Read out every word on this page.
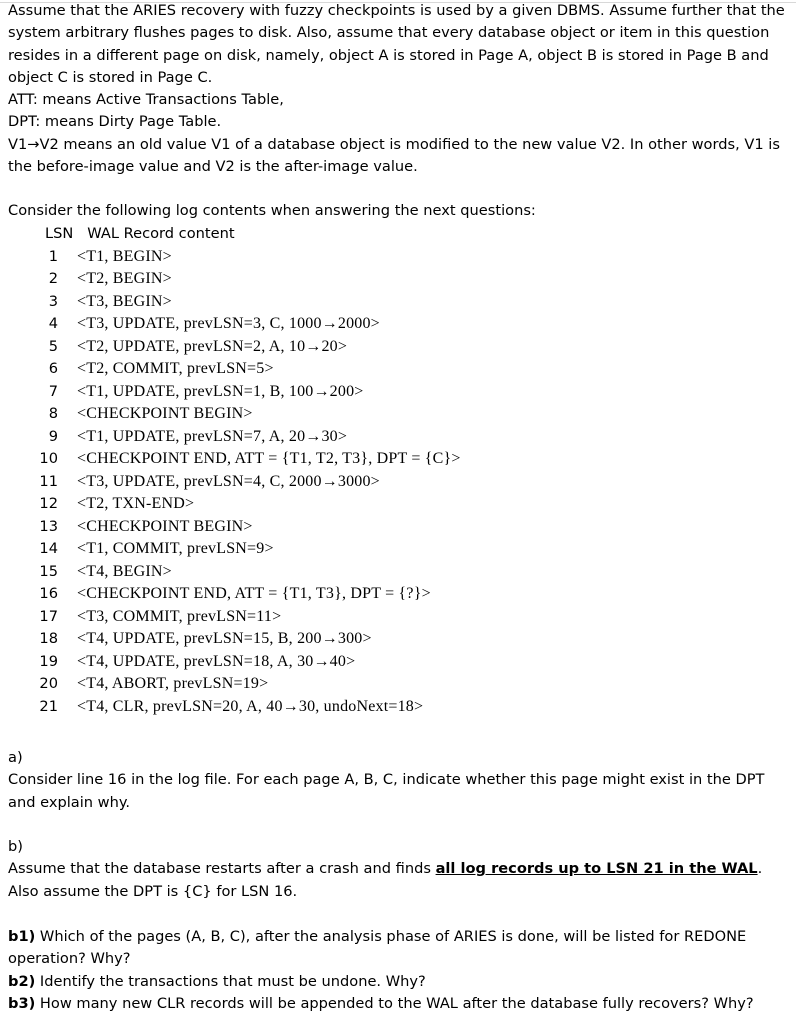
Assume that the ARIES recovery with fuzzy checkpoints is used by a given DBMS. Assume further that the system arbitrary flushes pages to disk. Also, assume that every database object or item in this question resides in a different page on disk, namely, object A is stored in Page A, object B is stored in Page B and object C is stored in Page C.
ATT: means Active Transactions Table,
DPT: means Dirty Page Table.
V1→V2 means an old value V1 of a database object is modified to the new value V2. In other words, V1 is the before-image value and V2 is the after-image value.
Consider the following log contents when answering the next questions:
LSN WAL Record content
1 <T1, BEGIN>
2 <T2, BEGIN>
3 <T3, BEGIN>
4 <T3, UPDATE, prevLSN=3, C, 1000→2000>
5 <T2, UPDATE, prevLSN=2, A, 10→20>
6 <T2, COMMIT, prevLSN=5>
7 <T1, UPDATE, prevLSN=1, B, 100→200>
8 <CHECKPOINT BEGIN>
9 <T1, UPDATE, prevLSN=7, A, 20→30>
10 <CHECKPOINT END, ATT = {T1, T2, T3}, DPT = {C}>
11 <T3, UPDATE, prevLSN=4, C, 2000→3000>
12 <T2, TXN-END>
13 <CHECKPOINT BEGIN>
14 <T1, COMMIT, prevLSN=9>
15 <T4, BEGIN>
16 <CHECKPOINT END, ATT = {T1, T3}, DPT = {?}>
17 <T3, COMMIT, prevLSN=11>
18 <T4, UPDATE, prevLSN=15, B, 200→300>
19 <T4, UPDATE, prevLSN=18, A, 30→40>
20 <T4, ABORT, prevLSN=19>
21 <T4, CLR, prevLSN=20, A, 40→30, undoNext=18>
a)
Consider line 16 in the log file. For each page A, B, C, indicate whether this page might exist in the DPT and explain why.
b)
Assume that the database restarts after a crash and finds all log records up to LSN 21 in the WAL. Also assume the DPT is {C} for LSN 16.
b1) Which of the pages (A, B, C), after the analysis phase of ARIES is done, will be listed for REDONE operation? Why?
b2) Identify the transactions that must be undone. Why?
b3) How many new CLR records will be appended to the WAL after the database fully recovers? Why?
